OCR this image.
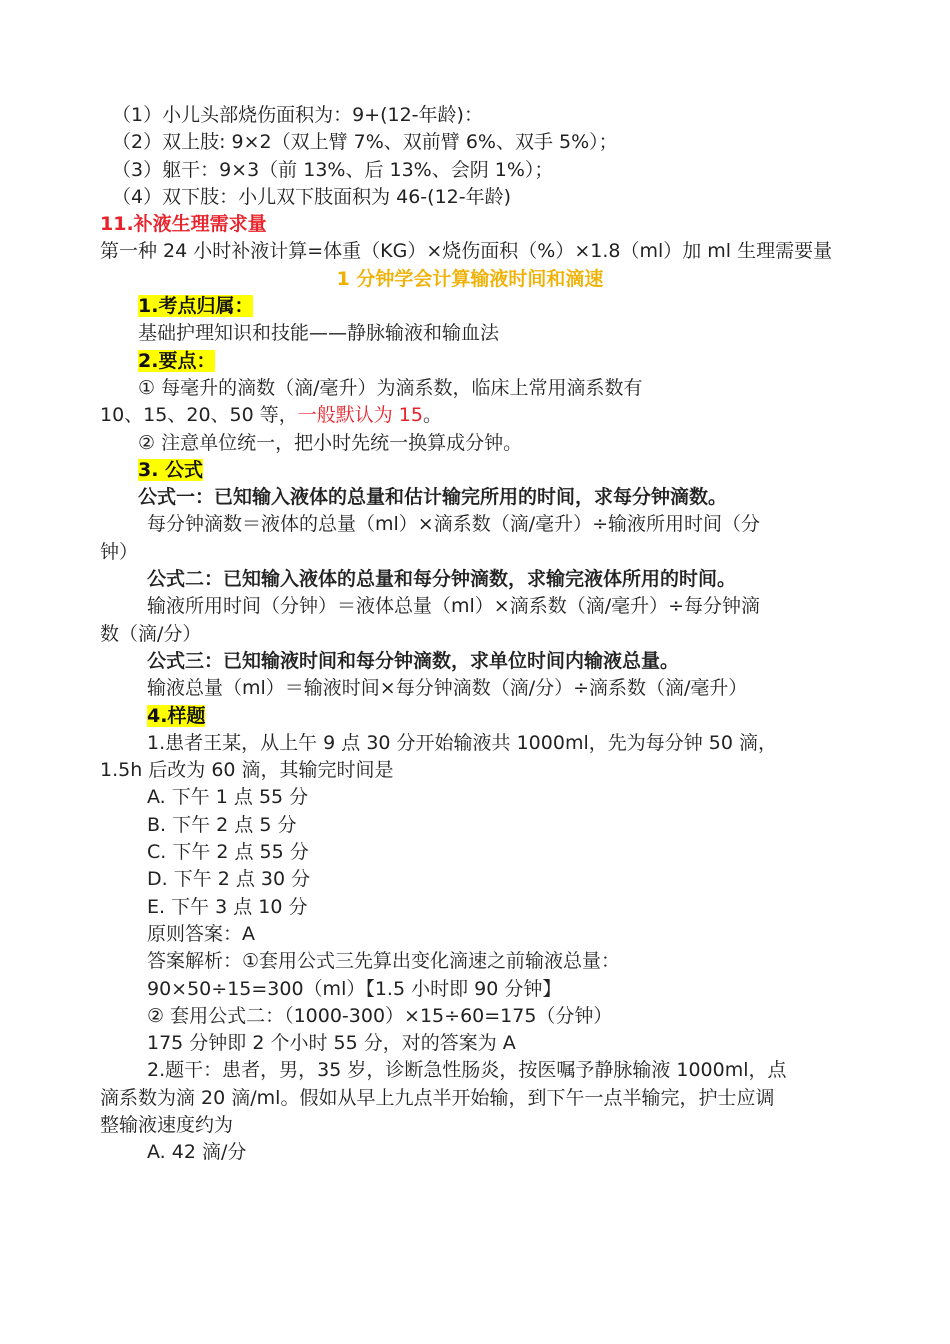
（1）小儿头部烧伤面积为：9+(12-年龄)：
（2）双上肢: 9×2（双上臂 7%、双前臂 6%、双手 5%）；
（3）躯干：9×3（前 13%、后 13%、会阴 1%）；
（4）双下肢：小儿双下肢面积为 46-(12-年龄)
11.补液生理需求量
第一种 24 小时补液计算=体重（KG）×烧伤面积（%）×1.8（ml）加 ml 生理需要量
1 分钟学会计算输液时间和滴速
1.考点归属：
基础护理知识和技能——静脉输液和输血法
2.要点：
① 每毫升的滴数（滴/毫升）为滴系数，临床上常用滴系数有
10、15、20、50 等，一般默认为 15。
② 注意单位统一，把小时先统一换算成分钟。
3. 公式
公式一：已知输入液体的总量和估计输完所用的时间，求每分钟滴数。
每分钟滴数＝液体的总量（ml）×滴系数（滴/毫升）÷输液所用时间（分
钟）
公式二：已知输入液体的总量和每分钟滴数，求输完液体所用的时间。
输液所用时间（分钟）＝液体总量（ml）×滴系数（滴/毫升）÷每分钟滴
数（滴/分）
公式三：已知输液时间和每分钟滴数，求单位时间内输液总量。
输液总量（ml）＝输液时间×每分钟滴数（滴/分）÷滴系数（滴/毫升）
4.样题
1.患者王某，从上午 9 点 30 分开始输液共 1000ml，先为每分钟 50 滴，
1.5h 后改为 60 滴，其输完时间是
A. 下午 1 点 55 分
B. 下午 2 点 5 分
C. 下午 2 点 55 分
D. 下午 2 点 30 分
E. 下午 3 点 10 分
原则答案：A
答案解析：①套用公式三先算出变化滴速之前输液总量：
90×50÷15=300（ml）【1.5 小时即 90 分钟】
② 套用公式二：（1000-300）×15÷60=175（分钟）
175 分钟即 2 个小时 55 分，对的答案为 A
2.题干：患者，男，35 岁，诊断急性肠炎，按医嘱予静脉输液 1000ml，点
滴系数为滴 20 滴/ml。假如从早上九点半开始输，到下午一点半输完，护士应调
整输液速度约为
A. 42 滴/分
